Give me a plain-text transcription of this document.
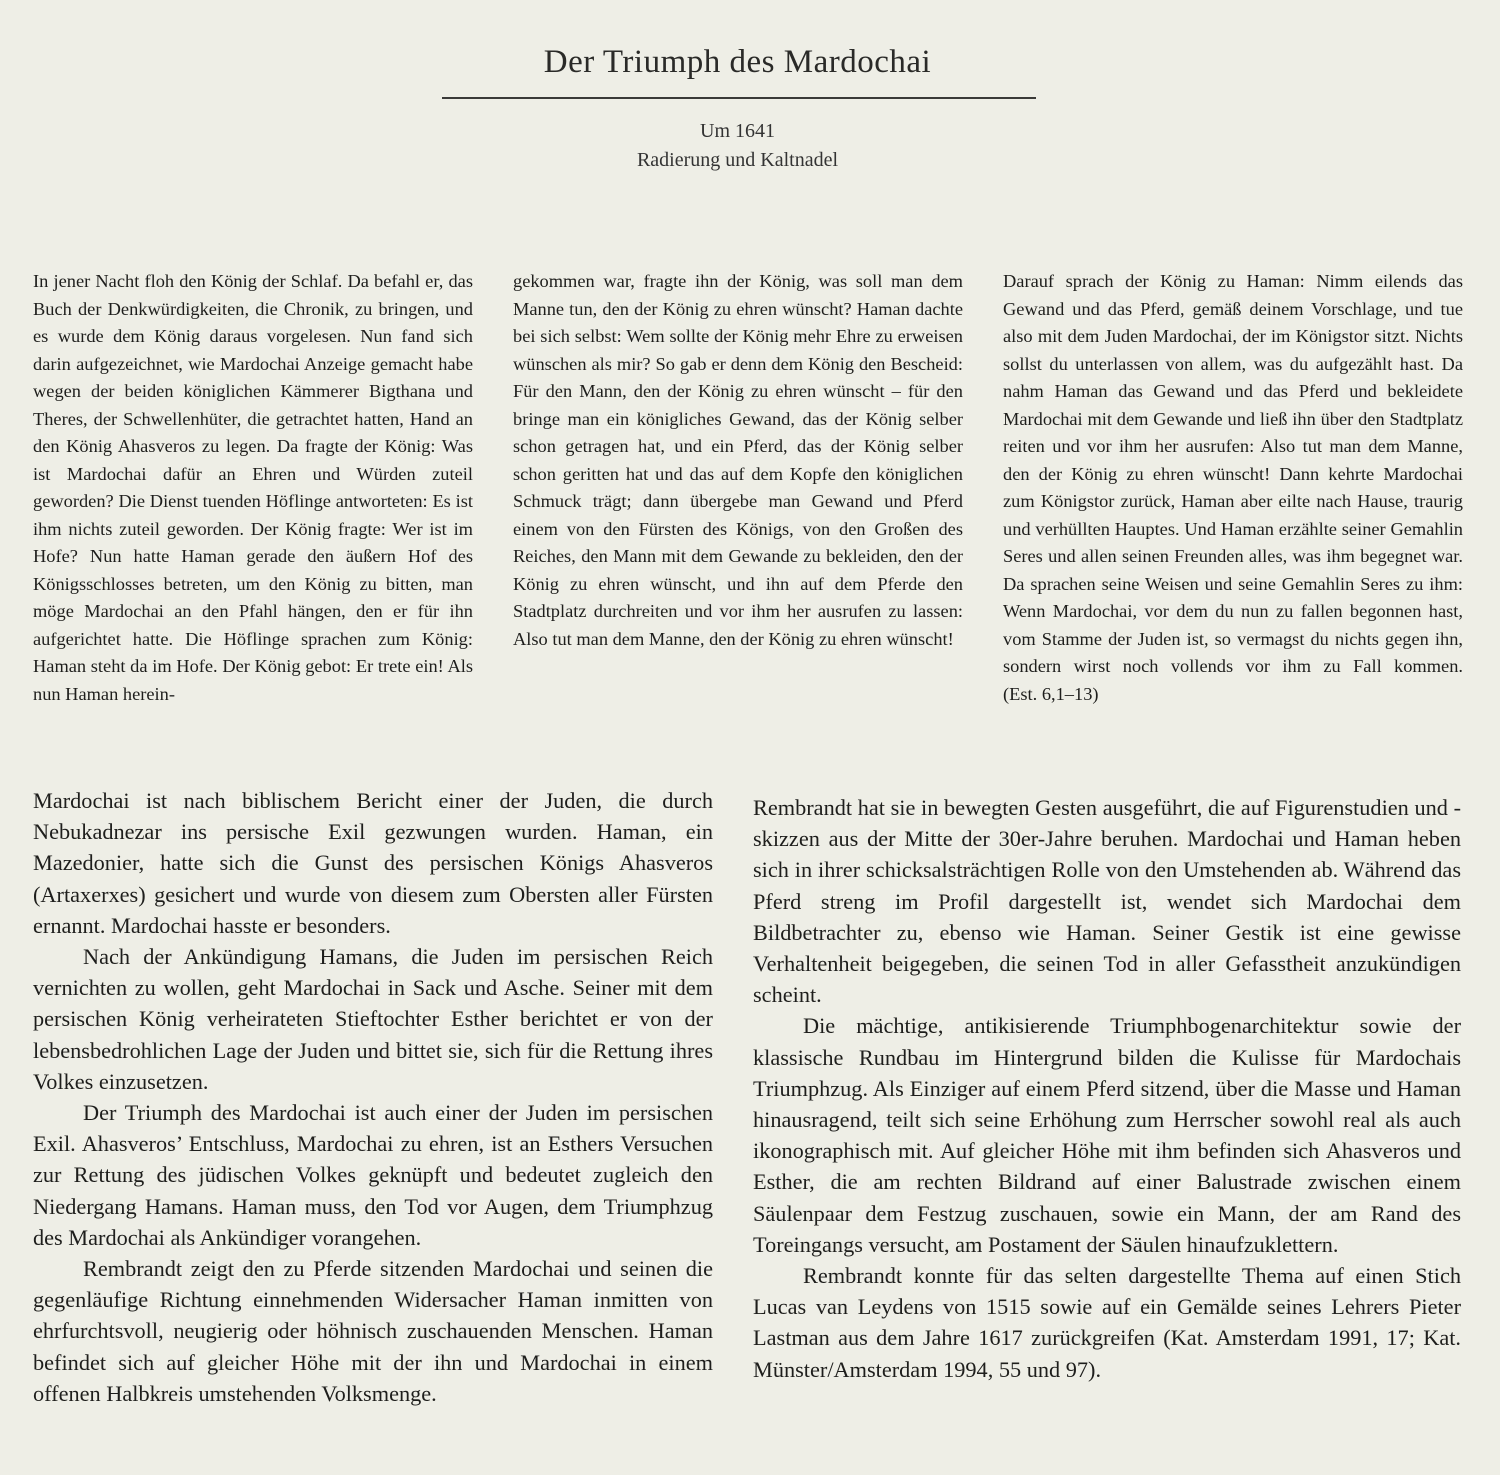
Der Triumph des Mardochai
Um 1641
Radierung und Kaltnadel

In jener Nacht floh den König der Schlaf. Da befahl er, das Buch der Denkwürdigkeiten, die Chronik, zu bringen, und es wurde dem König daraus vorgelesen. Nun fand sich darin aufgezeichnet, wie Mardochai Anzeige gemacht habe wegen der beiden königlichen Kämmerer Bigthana und Theres, der Schwellenhüter, die getrachtet hatten, Hand an den König Ahasveros zu legen. Da fragte der König: Was ist Mardochai dafür an Ehren und Würden zuteil geworden? Die Dienst tuenden Höflinge antworteten: Es ist ihm nichts zuteil geworden. Der König fragte: Wer ist im Hofe? Nun hatte Haman gerade den äußern Hof des Königsschlosses betreten, um den König zu bitten, man möge Mardochai an den Pfahl hängen, den er für ihn aufgerichtet hatte. Die Höflinge sprachen zum König: Haman steht da im Hofe. Der König gebot: Er trete ein! Als nun Haman herein-

gekommen war, fragte ihn der König, was soll man dem Manne tun, den der König zu ehren wünscht? Haman dachte bei sich selbst: Wem sollte der König mehr Ehre zu erweisen wünschen als mir? So gab er denn dem König den Bescheid: Für den Mann, den der König zu ehren wünscht – für den bringe man ein königliches Gewand, das der König selber schon getragen hat, und ein Pferd, das der König selber schon geritten hat und das auf dem Kopfe den königlichen Schmuck trägt; dann übergebe man Gewand und Pferd einem von den Fürsten des Königs, von den Großen des Reiches, den Mann mit dem Gewande zu bekleiden, den der König zu ehren wünscht, und ihn auf dem Pferde den Stadtplatz durchreiten und vor ihm her ausrufen zu lassen: Also tut man dem Manne, den der König zu ehren wünscht!

Darauf sprach der König zu Haman: Nimm eilends das Gewand und das Pferd, gemäß deinem Vorschlage, und tue also mit dem Juden Mardochai, der im Königstor sitzt. Nichts sollst du unterlassen von allem, was du aufgezählt hast. Da nahm Haman das Gewand und das Pferd und bekleidete Mardochai mit dem Gewande und ließ ihn über den Stadtplatz reiten und vor ihm her ausrufen: Also tut man dem Manne, den der König zu ehren wünscht! Dann kehrte Mardochai zum Königstor zurück, Haman aber eilte nach Hause, traurig und verhüllten Hauptes. Und Haman erzählte seiner Gemahlin Seres und allen seinen Freunden alles, was ihm begegnet war. Da sprachen seine Weisen und seine Gemahlin Seres zu ihm: Wenn Mardochai, vor dem du nun zu fallen begonnen hast, vom Stamme der Juden ist, so vermagst du nichts gegen ihn, sondern wirst noch vollends vor ihm zu Fall kommen. (Est. 6,1–13)

Mardochai ist nach biblischem Bericht einer der Juden, die durch Nebukadnezar ins persische Exil gezwungen wurden. Haman, ein Mazedonier, hatte sich die Gunst des persischen Königs Ahasveros (Artaxerxes) gesichert und wurde von diesem zum Obersten aller Fürsten ernannt. Mardochai hasste er besonders.

Nach der Ankündigung Hamans, die Juden im persischen Reich vernichten zu wollen, geht Mardochai in Sack und Asche. Seiner mit dem persischen König verheirateten Stieftochter Esther berichtet er von der lebensbedrohlichen Lage der Juden und bittet sie, sich für die Rettung ihres Volkes einzusetzen.

Der Triumph des Mardochai ist auch einer der Juden im persischen Exil. Ahasveros’ Entschluss, Mardochai zu ehren, ist an Esthers Versuchen zur Rettung des jüdischen Volkes geknüpft und bedeutet zugleich den Niedergang Hamans. Haman muss, den Tod vor Augen, dem Triumphzug des Mardochai als Ankündiger vorangehen.

Rembrandt zeigt den zu Pferde sitzenden Mardochai und seinen die gegenläufige Richtung einnehmenden Widersacher Haman inmitten von ehrfurchtsvoll, neugierig oder höhnisch zuschauenden Menschen. Haman befindet sich auf gleicher Höhe mit der ihn und Mardochai in einem offenen Halbkreis umstehenden Volksmenge.

Rembrandt hat sie in bewegten Gesten ausgeführt, die auf Figurenstudien und -skizzen aus der Mitte der 30er-Jahre beruhen. Mardochai und Haman heben sich in ihrer schicksalsträchtigen Rolle von den Umstehenden ab. Während das Pferd streng im Profil dargestellt ist, wendet sich Mardochai dem Bildbetrachter zu, ebenso wie Haman. Seiner Gestik ist eine gewisse Verhaltenheit beigegeben, die seinen Tod in aller Gefasstheit anzukündigen scheint.

Die mächtige, antikisierende Triumphbogenarchitektur sowie der klassische Rundbau im Hintergrund bilden die Kulisse für Mardochais Triumphzug. Als Einziger auf einem Pferd sitzend, über die Masse und Haman hinausragend, teilt sich seine Erhöhung zum Herrscher sowohl real als auch ikonographisch mit. Auf gleicher Höhe mit ihm befinden sich Ahasveros und Esther, die am rechten Bildrand auf einer Balustrade zwischen einem Säulenpaar dem Festzug zuschauen, sowie ein Mann, der am Rand des Toreingangs versucht, am Postament der Säulen hinaufzuklettern.

Rembrandt konnte für das selten dargestellte Thema auf einen Stich Lucas van Leydens von 1515 sowie auf ein Gemälde seines Lehrers Pieter Lastman aus dem Jahre 1617 zurückgreifen (Kat. Amsterdam 1991, 17; Kat. Münster/Amsterdam 1994, 55 und 97).
